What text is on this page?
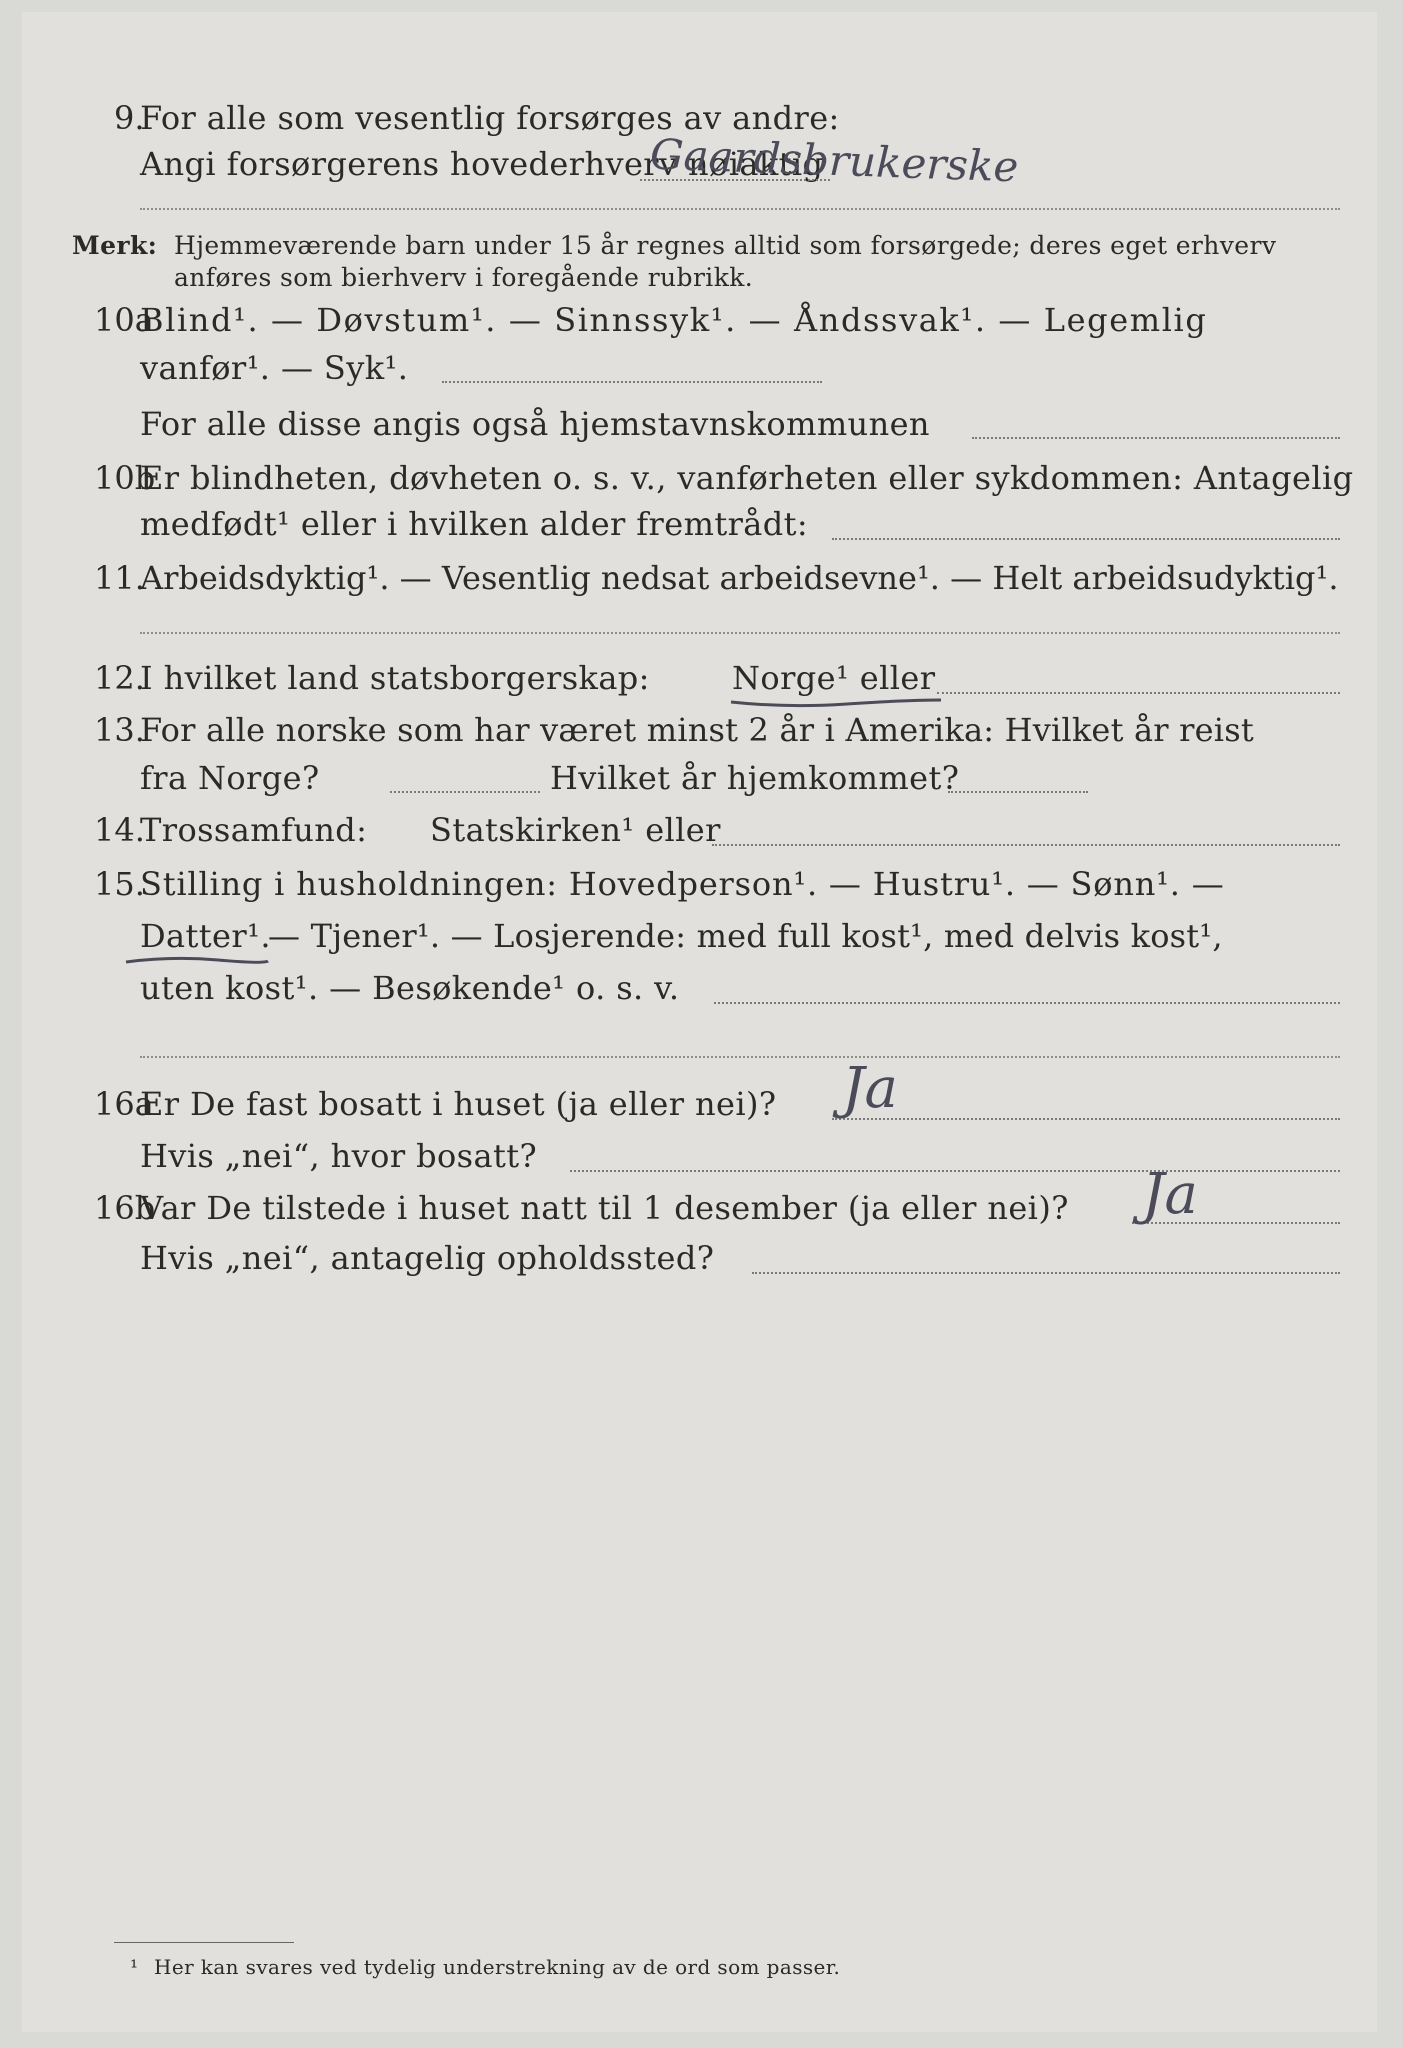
9.
For alle som vesentlig forsørges av andre:
Angi forsørgerens hovederhverv nøiaktig
Gaardsbrukerske
Merk: Hjemmeværende barn under 15 år regnes alltid som forsørgede; deres eget erhverv
anføres som bierhverv i foregående rubrikk.
10a
Blind¹. — Døvstum¹. — Sinnssyk¹. — Åndssvak¹. — Legemlig
vanfør¹. — Syk¹.
For alle disse angis også hjemstavnskommunen
10b
Er blindheten, døvheten o. s. v., vanførheten eller sykdommen: Antagelig
medfødt¹ eller i hvilken alder fremtrådt:
11.
Arbeidsdyktig¹. — Vesentlig nedsat arbeidsevne¹. — Helt arbeidsudyktig¹.
12.
I hvilket land statsborgerskap:	Norge¹ eller
13.
For alle norske som har været minst 2 år i Amerika: Hvilket år reist
fra Norge?	Hvilket år hjemkommet?
14.
Trossamfund: Statskirken¹ eller
15.
Stilling i husholdningen: Hovedperson¹. — Hustru¹. — Sønn¹. —
Datter¹.
— Tjener¹. — Losjerende: med full kost¹, med delvis kost¹,
uten kost¹. — Besøkende¹ o. s. v.
16a
Er De fast bosatt i huset (ja eller nei)? Ja
Hvis „nei“, hvor bosatt?
16b
Var De tilstede i huset natt til 1 desember (ja eller nei)? Ja
Hvis „nei“, antagelig opholdssted?
¹ Her kan svares ved tydelig understrekning av de ord som passer.
